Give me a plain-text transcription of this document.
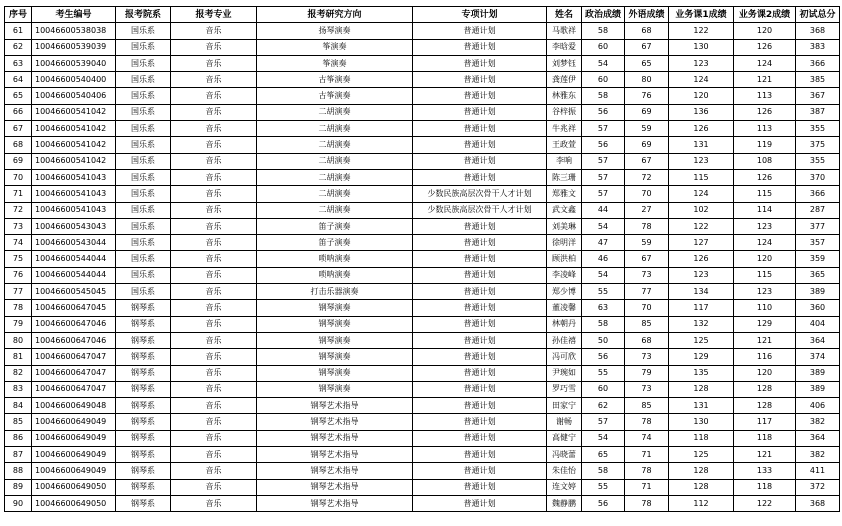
序号	考生编号	报考院系	报考专业	报考研究方向	专项计划	姓名	政治成绩	外语成绩	业务课1成绩	业务课2成绩	初试总分
61	10046600538038	国乐系	音乐	扬琴演奏	普通计划	马歌祥	58	68	122	120	368
62	10046600539039	国乐系	音乐	筝演奏	普通计划	李晗爱	60	67	130	126	383
63	10046600539040	国乐系	音乐	筝演奏	普通计划	刘梦钰	54	65	123	124	366
64	10046600540400	国乐系	音乐	古筝演奏	普通计划	龚莲伊	60	80	124	121	385
65	10046600540406	国乐系	音乐	古筝演奏	普通计划	林雅东	58	76	120	113	367
66	10046600541042	国乐系	音乐	二胡演奏	普通计划	谷梓振	56	69	136	126	387
67	10046600541042	国乐系	音乐	二胡演奏	普通计划	牛兆祥	57	59	126	113	355
68	10046600541042	国乐系	音乐	二胡演奏	普通计划	王政萱	56	69	131	119	375
69	10046600541042	国乐系	音乐	二胡演奏	普通计划	李响	57	67	123	108	355
70	10046600541043	国乐系	音乐	二胡演奏	普通计划	陈三珊	57	72	115	126	370
71	10046600541043	国乐系	音乐	二胡演奏	少数民族高层次骨干人才计划	郑雅文	57	70	124	115	366
72	10046600541043	国乐系	音乐	二胡演奏	少数民族高层次骨干人才计划	武文鑫	44	27	102	114	287
73	10046600543043	国乐系	音乐	笛子演奏	普通计划	刘美琳	54	78	122	123	377
74	10046600543044	国乐系	音乐	笛子演奏	普通计划	徐明洋	47	59	127	124	357
75	10046600544044	国乐系	音乐	唢呐演奏	普通计划	顾洪柏	46	67	126	120	359
76	10046600544044	国乐系	音乐	唢呐演奏	普通计划	李凌峰	54	73	123	115	365
77	10046600545045	国乐系	音乐	打击乐器演奏	普通计划	郑少博	55	77	134	123	389
78	10046600647045	钢琴系	音乐	钢琴演奏	普通计划	董凌馨	63	70	117	110	360
79	10046600647046	钢琴系	音乐	钢琴演奏	普通计划	林朝丹	58	85	132	129	404
80	10046600647046	钢琴系	音乐	钢琴演奏	普通计划	孙佳禧	50	68	125	121	364
81	10046600647047	钢琴系	音乐	钢琴演奏	普通计划	冯可欣	56	73	129	116	374
82	10046600647047	钢琴系	音乐	钢琴演奏	普通计划	尹琬如	55	79	135	120	389
83	10046600647047	钢琴系	音乐	钢琴演奏	普通计划	罗巧雪	60	73	128	128	389
84	10046600649048	钢琴系	音乐	钢琴艺术指导	普通计划	田家宁	62	85	131	128	406
85	10046600649049	钢琴系	音乐	钢琴艺术指导	普通计划	谢畅	57	78	130	117	382
86	10046600649049	钢琴系	音乐	钢琴艺术指导	普通计划	高健宁	54	74	118	118	364
87	10046600649049	钢琴系	音乐	钢琴艺术指导	普通计划	冯晓蕾	65	71	125	121	382
88	10046600649049	钢琴系	音乐	钢琴艺术指导	普通计划	朱佳怡	58	78	128	133	411
89	10046600649050	钢琴系	音乐	钢琴艺术指导	普通计划	连文婷	55	71	128	118	372
90	10046600649050	钢琴系	音乐	钢琴艺术指导	普通计划	魏静鹏	56	78	112	122	368
